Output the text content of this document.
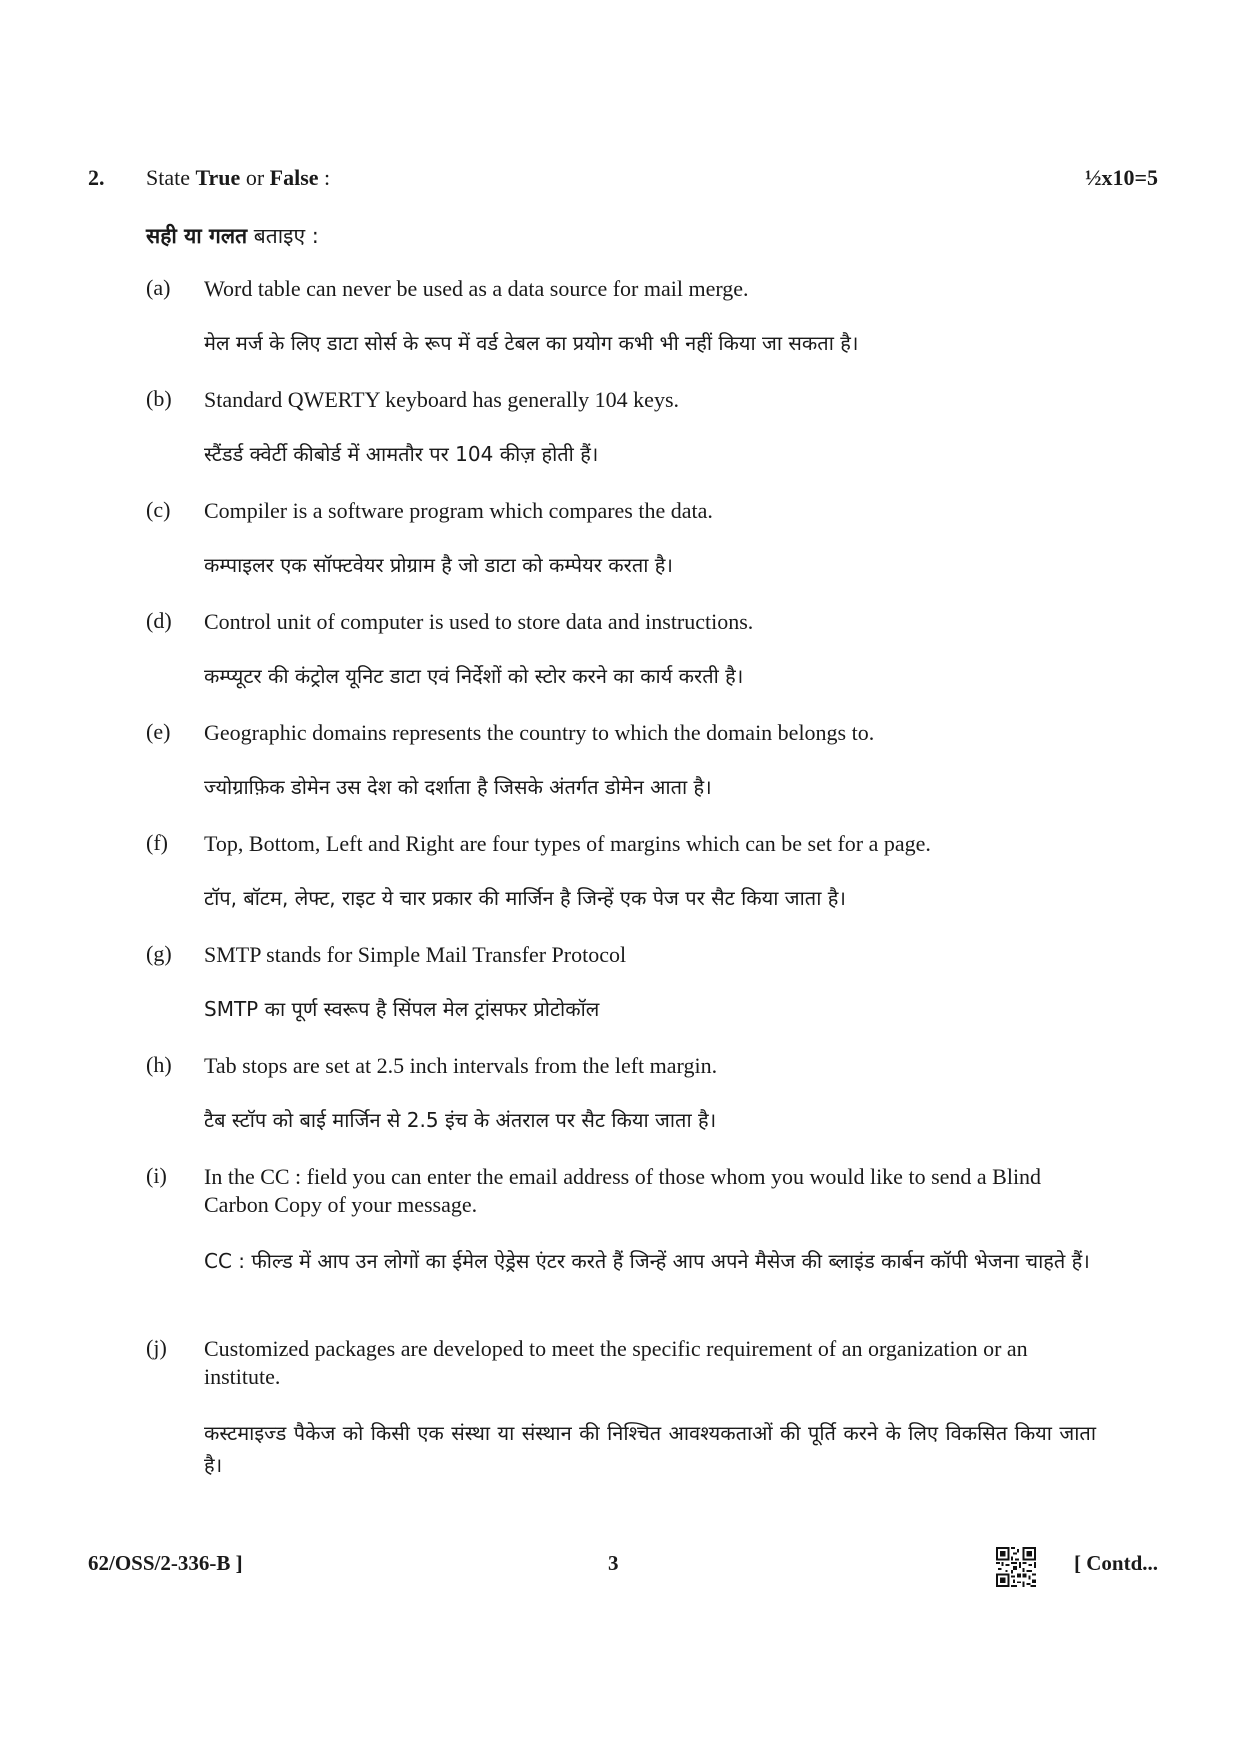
2. State True or False :	½x10=5
सही या गलत बताइए :
(a) Word table can never be used as a data source for mail merge.
मेल मर्ज के लिए डाटा सोर्स के रूप में वर्ड टेबल का प्रयोग कभी भी नहीं किया जा सकता है।
(b) Standard QWERTY keyboard has generally 104 keys.
स्टैंडर्ड क्वेर्टी कीबोर्ड में आमतौर पर 104 कीज़ होती हैं।
(c) Compiler is a software program which compares the data.
कम्पाइलर एक सॉफ्टवेयर प्रोग्राम है जो डाटा को कम्पेयर करता है।
(d) Control unit of computer is used to store data and instructions.
कम्प्यूटर की कंट्रोल यूनिट डाटा एवं निर्देशों को स्टोर करने का कार्य करती है।
(e) Geographic domains represents the country to which the domain belongs to.
ज्योग्राफ़िक डोमेन उस देश को दर्शाता है जिसके अंतर्गत डोमेन आता है।
(f) Top, Bottom, Left and Right are four types of margins which can be set for a page.
टॉप, बॉटम, लेफ्ट, राइट ये चार प्रकार की मार्जिन है जिन्हें एक पेज पर सैट किया जाता है।
(g) SMTP stands for Simple Mail Transfer Protocol
SMTP का पूर्ण स्वरूप है सिंपल मेल ट्रांसफर प्रोटोकॉल
(h) Tab stops are set at 2.5 inch intervals from the left margin.
टैब स्टॉप को बाई मार्जिन से 2.5 इंच के अंतराल पर सैट किया जाता है।
(i) In the CC : field you can enter the email address of those whom you would like to send a Blind Carbon Copy of your message.
CC : फील्ड में आप उन लोगों का ईमेल ऐड्रेस एंटर करते हैं जिन्हें आप अपने मैसेज की ब्लाइंड कार्बन कॉपी भेजना चाहते हैं।
(j) Customized packages are developed to meet the specific requirement of an organization or an institute.
कस्टमाइज्ड पैकेज को किसी एक संस्था या संस्थान की निश्चित आवश्यकताओं की पूर्ति करने के लिए विकसित किया जाता है।
62/OSS/2-336-B ]	3	[ Contd...
